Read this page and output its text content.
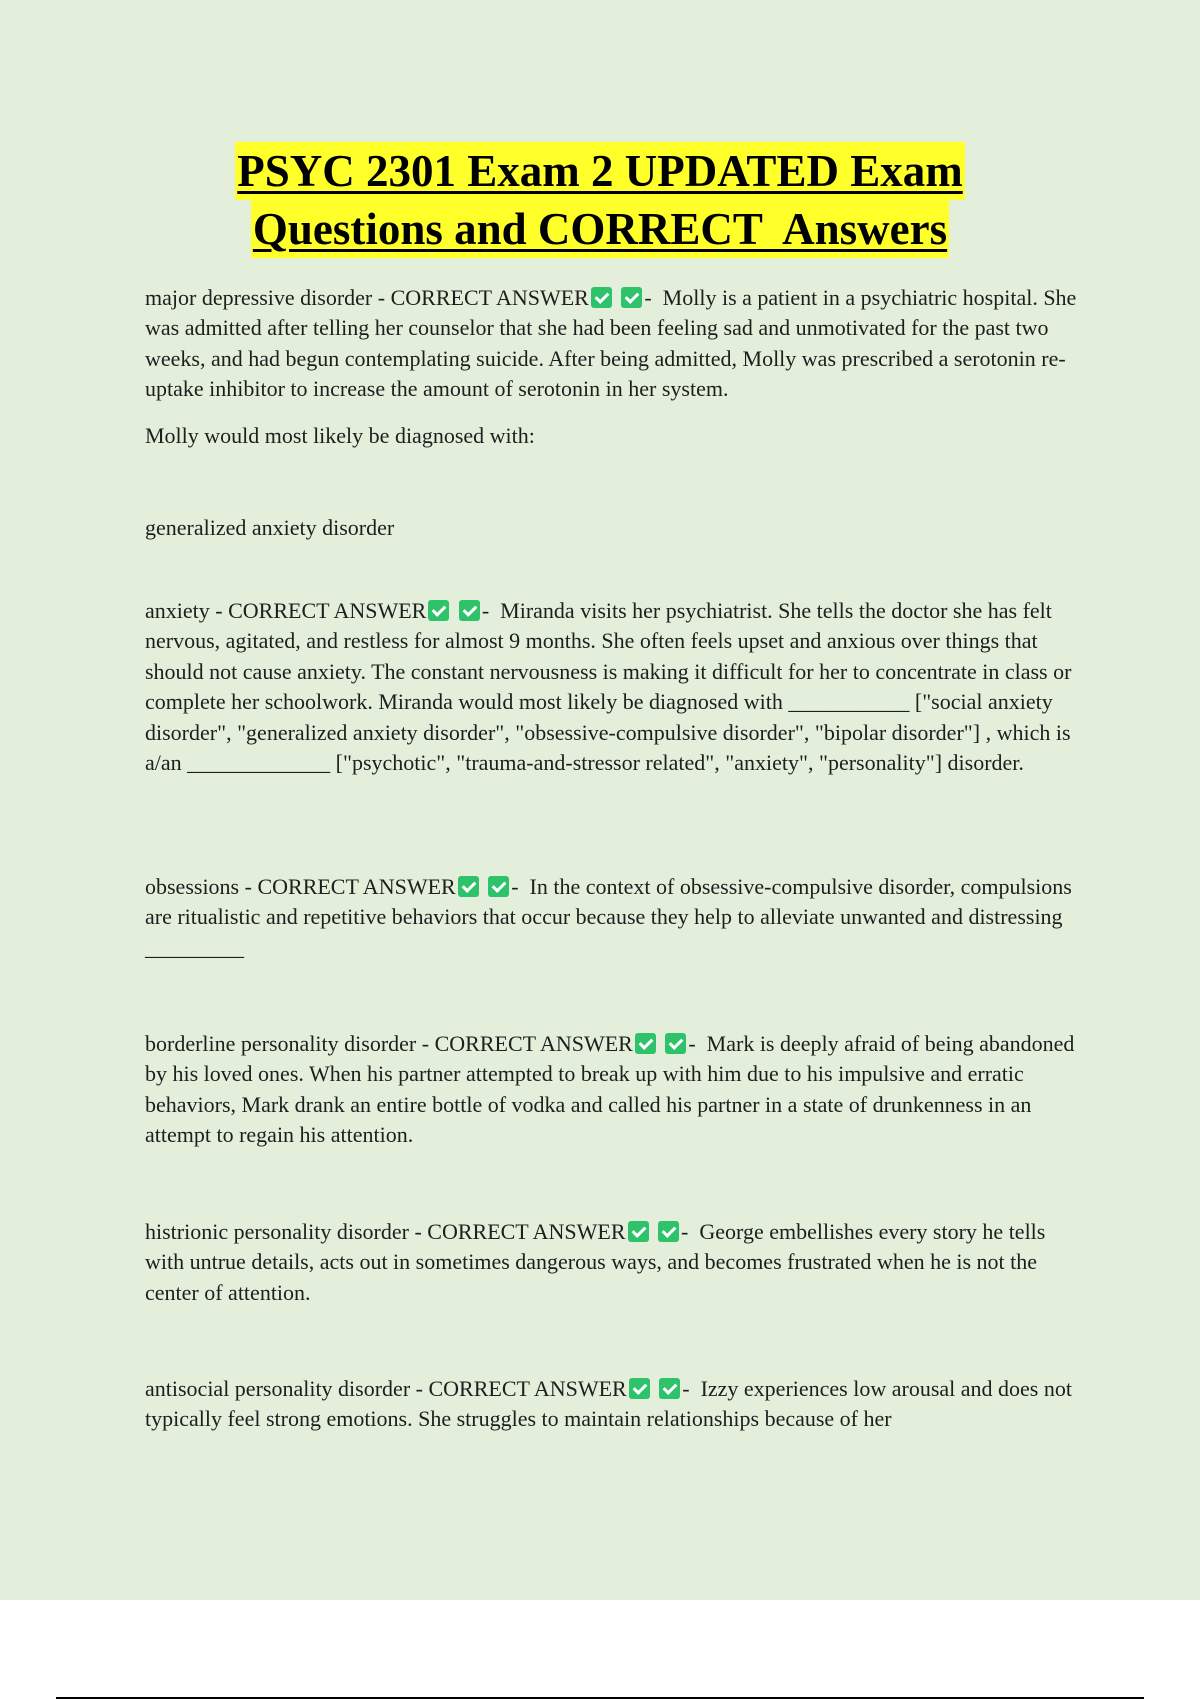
PSYC 2301 Exam 2 UPDATED Exam
Questions and CORRECT  Answers

major depressive disorder - CORRECT ANSWER	-  Molly is a patient in a psychiatric hospital. She was admitted after telling her counselor that she had been feeling sad and unmotivated for the past two weeks, and had begun contemplating suicide. After being admitted, Molly was prescribed a serotonin re-uptake inhibitor to increase the amount of serotonin in her system.

Molly would most likely be diagnosed with:

generalized anxiety disorder

anxiety - CORRECT ANSWER	-  Miranda visits her psychiatrist. She tells the doctor she has felt nervous, agitated, and restless for almost 9 months. She often feels upset and anxious over things that should not cause anxiety. The constant nervousness is making it difficult for her to concentrate in class or complete her schoolwork. Miranda would most likely be diagnosed with ___________ ["social anxiety disorder", "generalized anxiety disorder", "obsessive-compulsive disorder", "bipolar disorder"] , which is a/an _____________ ["psychotic", "trauma-and-stressor related", "anxiety", "personality"] disorder.

obsessions - CORRECT ANSWER	-  In the context of obsessive-compulsive disorder, compulsions are ritualistic and repetitive behaviors that occur because they help to alleviate unwanted and distressing _________

borderline personality disorder - CORRECT ANSWER	-  Mark is deeply afraid of being abandoned by his loved ones. When his partner attempted to break up with him due to his impulsive and erratic behaviors, Mark drank an entire bottle of vodka and called his partner in a state of drunkenness in an attempt to regain his attention.

histrionic personality disorder - CORRECT ANSWER	-  George embellishes every story he tells with untrue details, acts out in sometimes dangerous ways, and becomes frustrated when he is not the center of attention.

antisocial personality disorder - CORRECT ANSWER	-  Izzy experiences low arousal and does not typically feel strong emotions. She struggles to maintain relationships because of her
